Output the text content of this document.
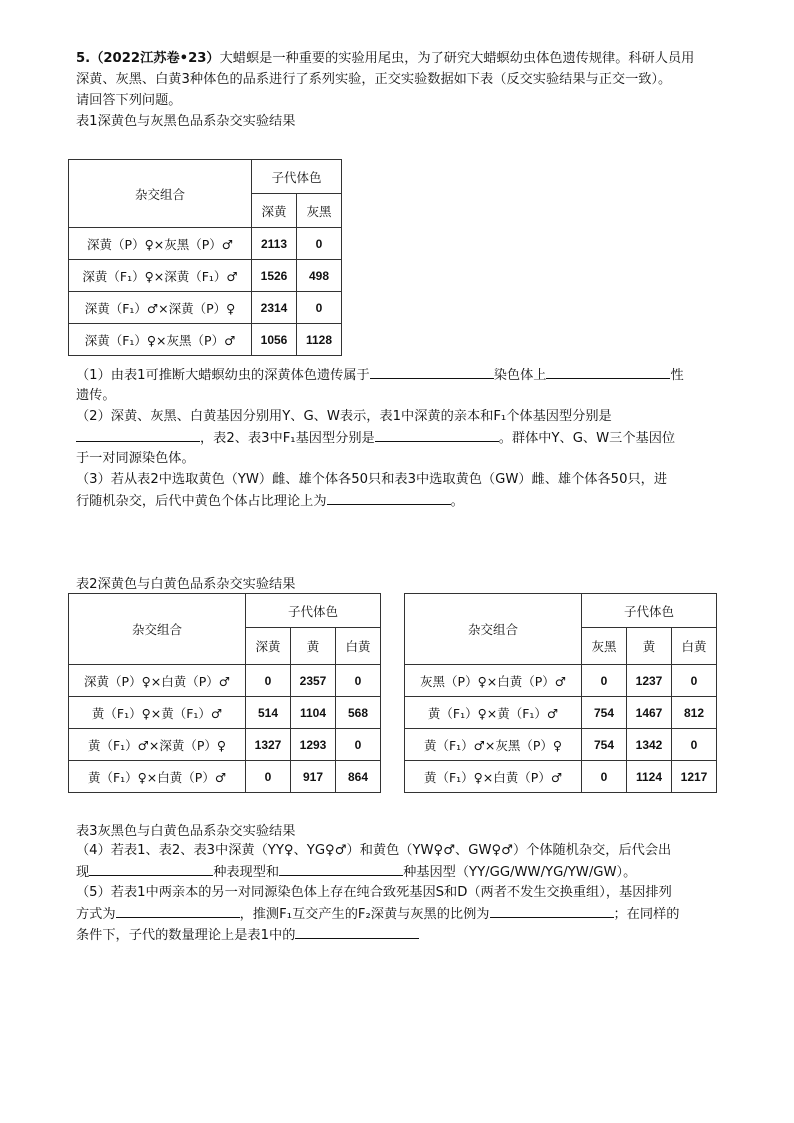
5.（2022江苏卷•23）大蜡螟是一种重要的实验用尾虫，为了研究大蜡螟幼虫体色遗传规律。科研人员用

深黄、灰黑、白黄3种体色的品系进行了系列实验，正交实验数据如下表（反交实验结果与正交一致）。

请回答下列问题。

表1深黄色与灰黑色品系杂交实验结果

杂交组合	子代体色	
	深黄	灰黑
深黄（P）♀×灰黑（P）♂	2113	0
深黄（F₁）♀×深黄（F₁）♂	1526	498
深黄（F₁）♂×深黄（P）♀	2314	0
深黄（F₁）♀×灰黑（P）♂	1056	1128

（1）由表1可推断大蜡螟幼虫的深黄体色遗传属于	染色体上	性

遗传。

（2）深黄、灰黑、白黄基因分别用Y、G、W表示，表1中深黄的亲本和F₁个体基因型分别是

，表2、表3中F₁基因型分别是	。群体中Y、G、W三个基因位

于一对同源染色体。

（3）若从表2中选取黄色（YW）雌、雄个体各50只和表3中选取黄色（GW）雌、雄个体各50只，进

行随机杂交，后代中黄色个体占比理论上为	。

表2深黄色与白黄色品系杂交实验结果

杂交组合	子代体色		
	深黄	黄	白黄
深黄（P）♀×白黄（P）♂	0	2357	0
黄（F₁）♀×黄（F₁）♂	514	1104	568
黄（F₁）♂×深黄（P）♀	1327	1293	0
黄（F₁）♀×白黄（P）♂	0	917	864
杂交组合	子代体色		
	灰黑	黄	白黄
灰黑（P）♀×白黄（P）♂	0	1237	0
黄（F₁）♀×黄（F₁）♂	754	1467	812
黄（F₁）♂×灰黑（P）♀	754	1342	0
黄（F₁）♀×白黄（P）♂	0	1124	1217

表3灰黑色与白黄色品系杂交实验结果

（4）若表1、表2、表3中深黄（YY♀、YG♀♂）和黄色（YW♀♂、GW♀♂）个体随机杂交，后代会出

现	种表现型和	种基因型（YY/GG/WW/YG/YW/GW）。

（5）若表1中两亲本的另一对同源染色体上存在纯合致死基因S和D（两者不发生交换重组），基因排列

方式为	，推测F₁互交产生的F₂深黄与灰黑的比例为	；在同样的

条件下，子代的数量理论上是表1中的
